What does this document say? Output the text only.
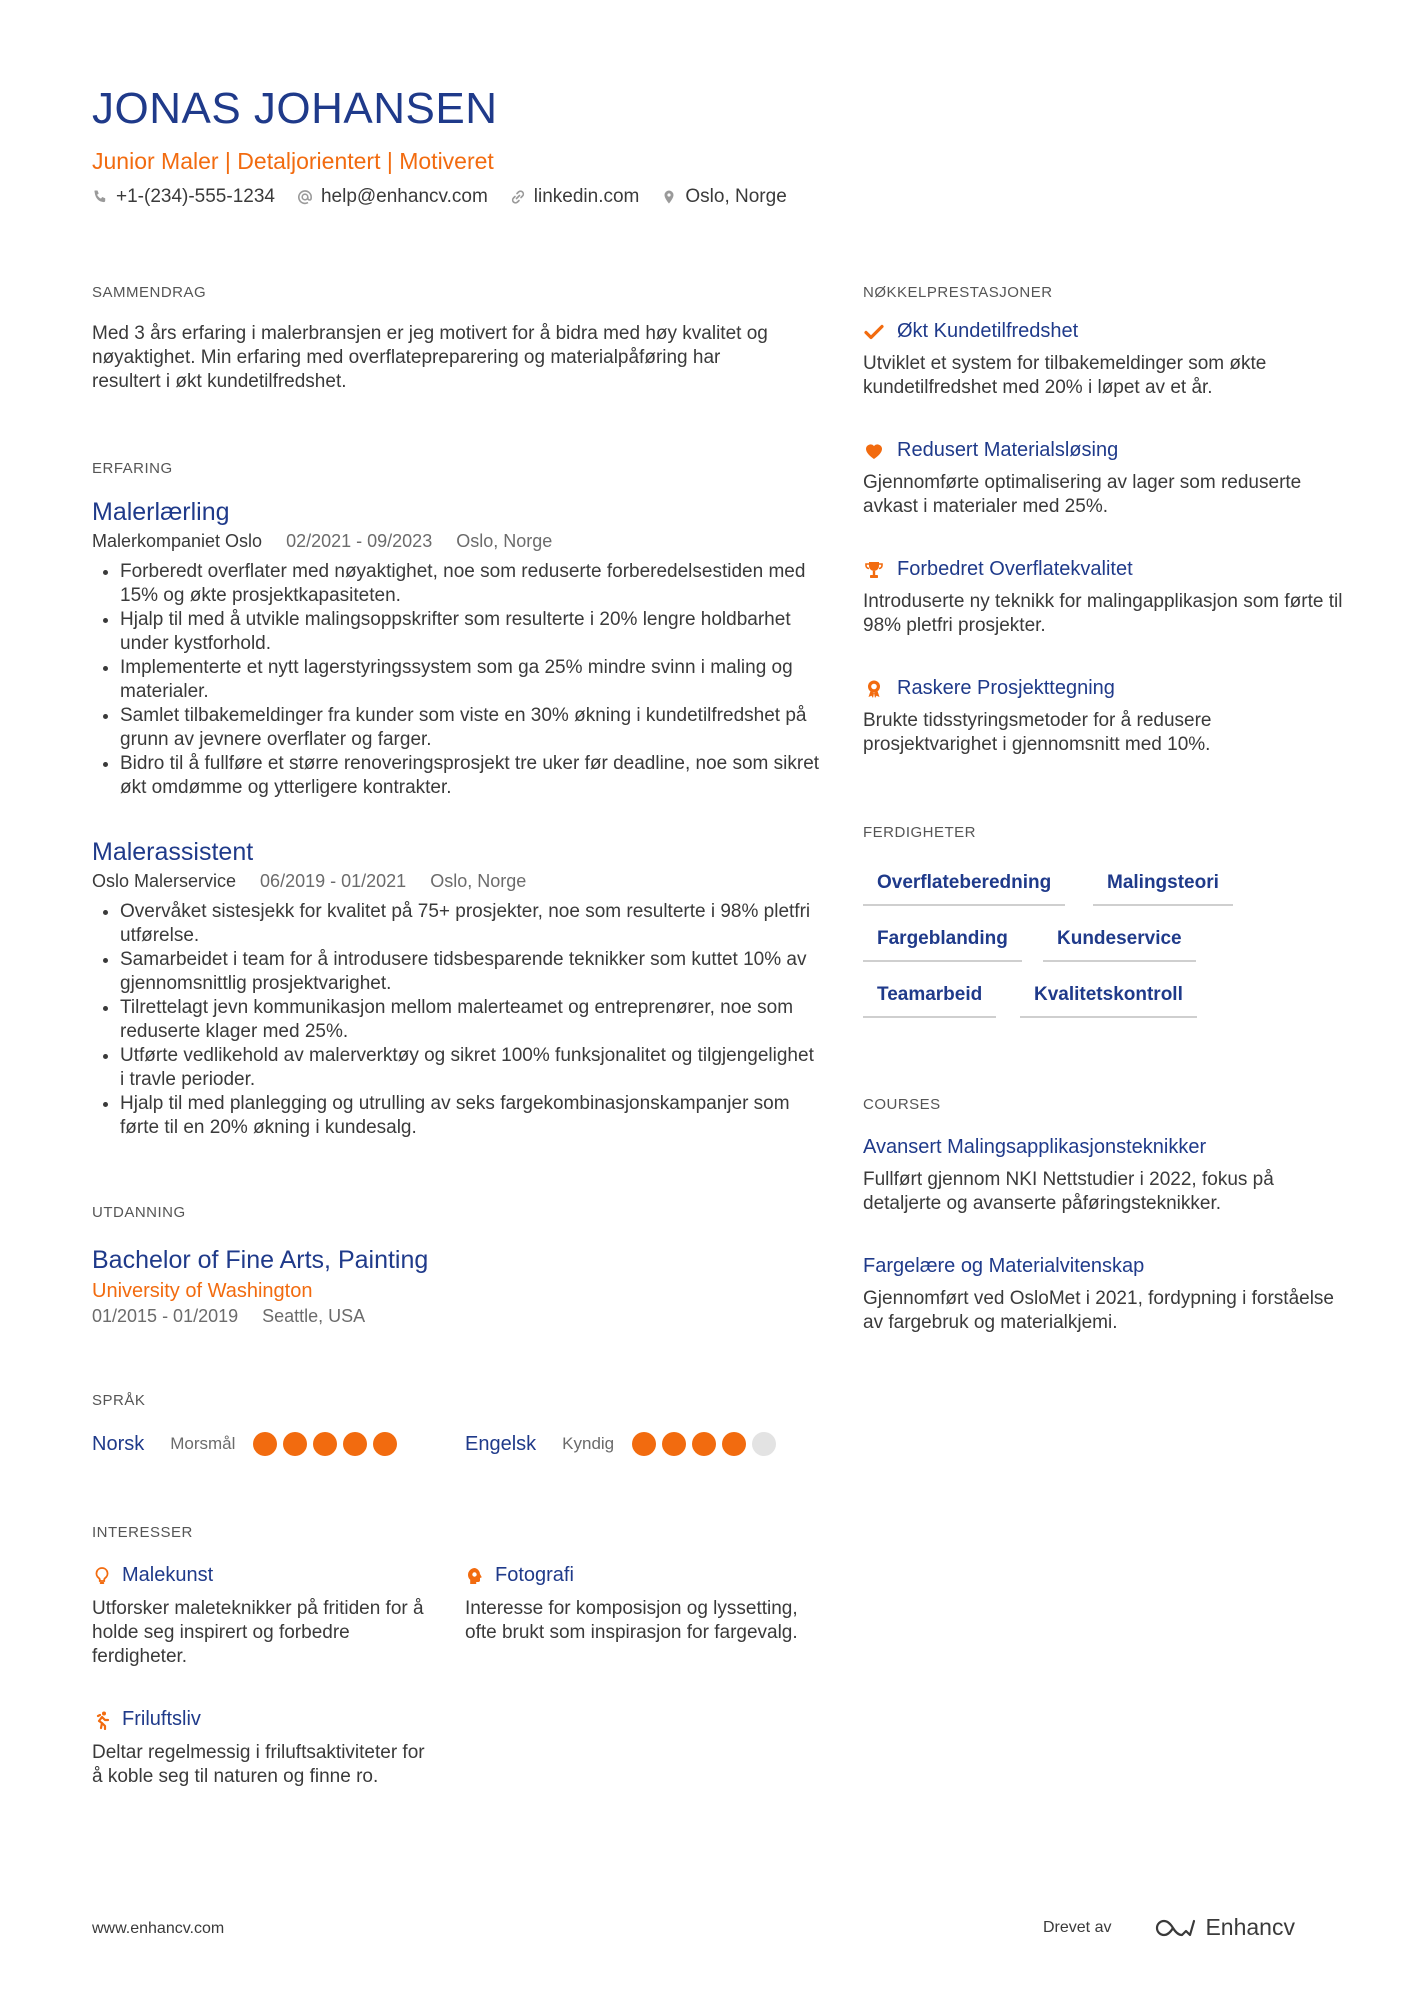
JONAS JOHANSEN
Junior Maler | Detaljorientert | Motiveret
+1-(234)-555-1234 help@enhancv.com linkedin.com Oslo, Norge
SAMMENDRAG
Med 3 års erfaring i malerbransjen er jeg motivert for å bidra med høy kvalitet og nøyaktighet. Min erfaring med overflatepreparering og materialpåføring har resultert i økt kundetilfredshet.
ERFARING
Malerlærling
Malerkompaniet Oslo 02/2021 - 09/2023 Oslo, Norge
• Forberedt overflater med nøyaktighet, noe som reduserte forberedelsestiden med 15% og økte prosjektkapasiteten.
• Hjalp til med å utvikle malingsoppskrifter som resulterte i 20% lengre holdbarhet under kystforhold.
• Implementerte et nytt lagerstyringssystem som ga 25% mindre svinn i maling og materialer.
• Samlet tilbakemeldinger fra kunder som viste en 30% økning i kundetilfredshet på grunn av jevnere overflater og farger.
• Bidro til å fullføre et større renoveringsprosjekt tre uker før deadline, noe som sikret økt omdømme og ytterligere kontrakter.
Malerassistent
Oslo Malerservice 06/2019 - 01/2021 Oslo, Norge
• Overvåket sistesjekk for kvalitet på 75+ prosjekter, noe som resulterte i 98% pletfri utførelse.
• Samarbeidet i team for å introdusere tidsbesparende teknikker som kuttet 10% av gjennomsnittlig prosjektvarighet.
• Tilrettelagt jevn kommunikasjon mellom malerteamet og entreprenører, noe som reduserte klager med 25%.
• Utførte vedlikehold av malerverktøy og sikret 100% funksjonalitet og tilgjengelighet i travle perioder.
• Hjalp til med planlegging og utrulling av seks fargekombinasjonskampanjer som førte til en 20% økning i kundesalg.
UTDANNING
Bachelor of Fine Arts, Painting
University of Washington
01/2015 - 01/2019 Seattle, USA
SPRÅK
Norsk Morsmål	Engelsk Kyndig
INTERESSER
Malekunst
Utforsker maleteknikker på fritiden for å holde seg inspirert og forbedre ferdigheter.
Fotografi
Interesse for komposisjon og lyssetting, ofte brukt som inspirasjon for fargevalg.
Friluftsliv
Deltar regelmessig i friluftsaktiviteter for å koble seg til naturen og finne ro.
NØKKELPRESTASJONER
Økt Kundetilfredshet
Utviklet et system for tilbakemeldinger som økte kundetilfredshet med 20% i løpet av et år.
Redusert Materialsløsing
Gjennomførte optimalisering av lager som reduserte avkast i materialer med 25%.
Forbedret Overflatekvalitet
Introduserte ny teknikk for malingapplikasjon som førte til 98% pletfri prosjekter.
Raskere Prosjekttegning
Brukte tidsstyringsmetoder for å redusere prosjektvarighet i gjennomsnitt med 10%.
FERDIGHETER
Overflateberedning	Malingsteori
Fargeblanding	Kundeservice
Teamarbeid	Kvalitetskontroll
COURSES
Avansert Malingsapplikasjonsteknikker
Fullført gjennom NKI Nettstudier i 2022, fokus på detaljerte og avanserte påføringsteknikker.
Fargelære og Materialvitenskap
Gjennomført ved OsloMet i 2021, fordypning i forståelse av fargebruk og materialkjemi.
www.enhancv.com	Drevet av	Enhancv
